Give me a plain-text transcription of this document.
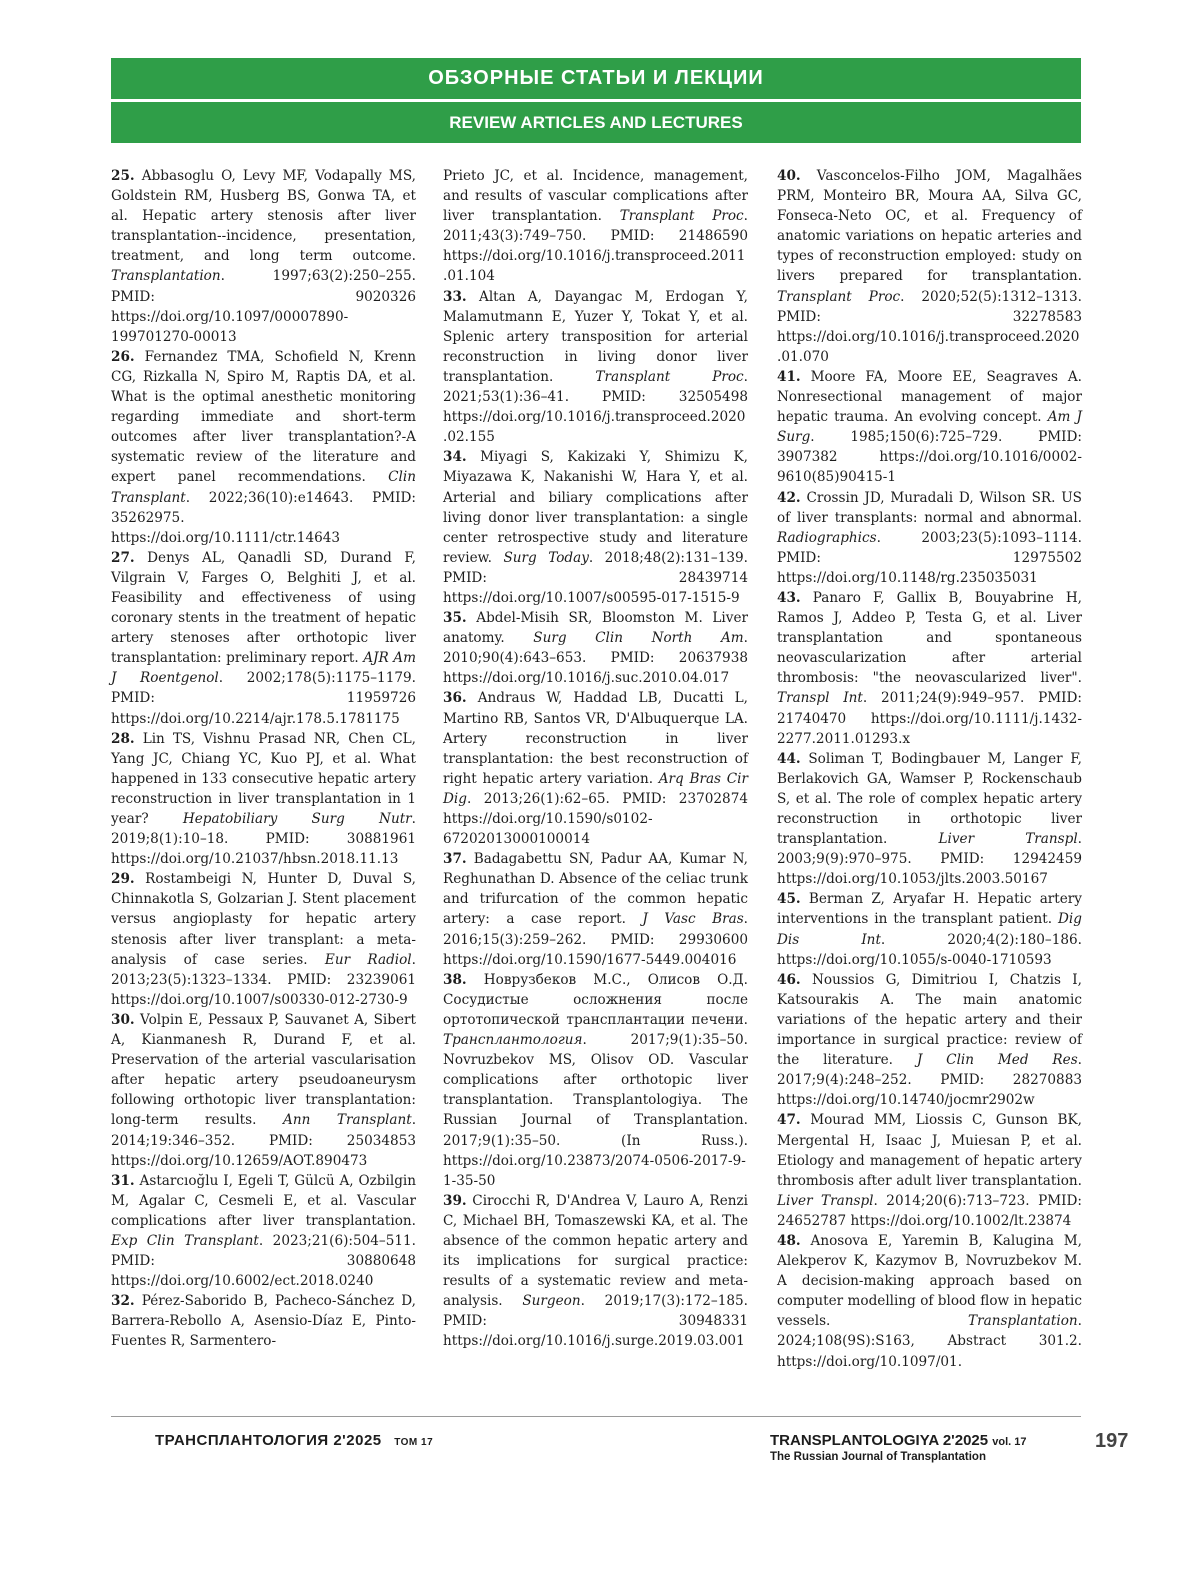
ОБЗОРНЫЕ СТАТЬИ И ЛЕКЦИИ
REVIEW ARTICLES AND LECTURES

25. Abbasoglu O, Levy MF, Vodapally MS, Goldstein RM, Husberg BS, Gonwa TA, et al. Hepatic artery stenosis after liver transplantation--incidence, presentation, treatment, and long term outcome. Transplantation. 1997;63(2):250–255. PMID: 9020326 https://doi.org/10.1097/00007890-199701270-00013

26. Fernandez TMA, Schofield N, Krenn CG, Rizkalla N, Spiro M, Raptis DA, et al. What is the optimal anesthetic monitoring regarding immediate and short-term outcomes after liver transplantation?-A systematic review of the literature and expert panel recommendations. Clin Transplant. 2022;36(10):e14643. PMID: 35262975. https://doi.org/10.1111/ctr.14643

27. Denys AL, Qanadli SD, Durand F, Vilgrain V, Farges O, Belghiti J, et al. Feasibility and effectiveness of using coronary stents in the treatment of hepatic artery stenoses after orthotopic liver transplantation: preliminary report. AJR Am J Roentgenol. 2002;178(5):1175–1179. PMID: 11959726 https://doi.org/10.2214/ajr.178.5.1781175

28. Lin TS, Vishnu Prasad NR, Chen CL, Yang JC, Chiang YC, Kuo PJ, et al. What happened in 133 consecutive hepatic artery reconstruction in liver transplantation in 1 year?	Hepatobiliary Surg Nutr. 2019;8(1):10–18. PMID: 30881961 https://doi.org/10.21037/hbsn.2018.11.13

29. Rostambeigi N, Hunter D, Duval S, Chinnakotla S, Golzarian J. Stent placement versus angioplasty for hepatic artery stenosis after liver transplant: a meta-analysis of case series. Eur Radiol. 2013;23(5):1323–1334. PMID: 23239061 https://doi.org/10.1007/s00330-012-2730-9

30. Volpin E, Pessaux P, Sauvanet A, Sibert A, Kianmanesh R, Durand F, et al. Preservation of the arterial vascularisation after hepatic artery pseudoaneurysm following orthotopic liver transplantation: long-term results. Ann Transplant. 2014;19:346–352. PMID: 25034853 https://doi.org/10.12659/AOT.890473

31. Astarcıoğlu I, Egeli T, Gülcü A, Ozbilgin M, Agalar C, Cesmeli E, et al. Vascular complications after liver transplantation. Exp Clin Transplant. 2023;21(6):504–511. PMID: 30880648 https://doi.org/10.6002/ect.2018.0240

32. Pérez-Saborido B, Pacheco-Sánchez D, Barrera-Rebollo A, Asensio-Díaz E, Pinto-Fuentes R, Sarmentero-

Prieto JC, et al. Incidence, management, and results of vascular complications after liver transplantation. Transplant Proc. 2011;43(3):749–750. PMID: 21486590 https://doi.org/10.1016/j.transproceed.2011.01.104

33. Altan A, Dayangac M, Erdogan Y, Malamutmann E, Yuzer Y, Tokat Y, et al. Splenic artery transposition for arterial reconstruction in living donor liver transplantation.	Transplant Proc. 2021;53(1):36–41. PMID: 32505498 https://doi.org/10.1016/j.transproceed.2020.02.155

34. Miyagi S, Kakizaki Y, Shimizu K, Miyazawa K, Nakanishi W, Hara Y, et al. Arterial and biliary complications after living donor liver transplantation: a single center retrospective study and literature review. Surg Today. 2018;48(2):131–139. PMID: 28439714 https://doi.org/10.1007/s00595-017-1515-9

35. Abdel-Misih SR, Bloomston M. Liver anatomy. Surg Clin North Am. 2010;90(4):643–653. PMID: 20637938 https://doi.org/10.1016/j.suc.2010.04.017

36. Andraus W, Haddad LB, Ducatti L, Martino RB, Santos VR, D'Albuquerque LA. Artery reconstruction in liver transplantation: the best reconstruction of right hepatic artery variation. Arq Bras Cir Dig. 2013;26(1):62–65. PMID: 23702874 https://doi.org/10.1590/s0102-67202013000100014

37. Badagabettu SN, Padur AA, Kumar N, Reghunathan D. Absence of the celiac trunk and trifurcation of the common hepatic artery: a case report. J Vasc Bras. 2016;15(3):259–262. PMID: 29930600 https://doi.org/10.1590/1677-5449.004016

38. Новрузбеков М.С., Олисов О.Д. Сосудистые осложнения после ортотопической трансплантации печени. Трансплантология. 2017;9(1):35–50. Novruzbekov MS, Olisov OD. Vascular complications after orthotopic liver transplantation. Transplantologiya. The Russian Journal of Transplantation. 2017;9(1):35–50. (In Russ.). https://doi.org/10.23873/2074-0506-2017-9-1-35-50

39. Cirocchi R, D'Andrea V, Lauro A, Renzi C, Michael BH, Tomaszewski KA, et al. The absence of the common hepatic artery and its implications for surgical practice: results of a systematic review and meta-analysis. Surgeon. 2019;17(3):172–185. PMID: 30948331 https://doi.org/10.1016/j.surge.2019.03.001

40. Vasconcelos-Filho JOM, Magalhães PRM, Monteiro BR, Moura AA, Silva GC, Fonseca-Neto OC, et al. Frequency of anatomic variations on hepatic arteries and types of reconstruction employed: study on livers prepared for transplantation. Transplant Proc. 2020;52(5):1312–1313. PMID: 32278583 https://doi.org/10.1016/j.transproceed.2020.01.070

41. Moore FA, Moore EE, Seagraves A. Nonresectional management of major hepatic trauma. An evolving concept. Am J Surg. 1985;150(6):725–729. PMID: 3907382 https://doi.org/10.1016/0002-9610(85)90415-1

42. Crossin JD, Muradali D, Wilson SR. US of liver transplants: normal and abnormal. Radiographics. 2003;23(5):1093–1114. PMID: 12975502 https://doi.org/10.1148/rg.235035031

43. Panaro F, Gallix B, Bouyabrine H, Ramos J, Addeo P, Testa G, et al. Liver transplantation and spontaneous neovascularization after arterial thrombosis: "the neovascularized liver". Transpl Int. 2011;24(9):949–957. PMID: 21740470 https://doi.org/10.1111/j.1432-2277.2011.01293.x

44. Soliman T, Bodingbauer M, Langer F, Berlakovich GA, Wamser P, Rockenschaub S, et al. The role of complex hepatic artery reconstruction in orthotopic liver transplantation.	Liver Transpl. 2003;9(9):970–975. PMID: 12942459 https://doi.org/10.1053/jlts.2003.50167

45. Berman Z, Aryafar H. Hepatic artery interventions in the transplant patient. Dig Dis Int. 2020;4(2):180–186. https://doi.org/10.1055/s-0040-1710593

46. Noussios G, Dimitriou I, Chatzis I, Katsourakis A. The main anatomic variations of the hepatic artery and their importance in surgical practice: review of the literature. J Clin Med Res. 2017;9(4):248–252. PMID: 28270883 https://doi.org/10.14740/jocmr2902w

47. Mourad MM, Liossis C, Gunson BK, Mergental H, Isaac J, Muiesan P, et al. Etiology and management of hepatic artery thrombosis after adult liver transplantation. Liver Transpl. 2014;20(6):713–723. PMID: 24652787 https://doi.org/10.1002/lt.23874

48. Anosova E, Yaremin B, Kalugina M, Alekperov K, Kazymov B, Novruzbekov M. A decision-making approach based on computer modelling of blood flow in hepatic vessels.	Transplantation. 2024;108(9S):S163, Abstract 301.2. https://doi.org/10.1097/01.

ТРАНСПЛАНТОЛОГИЯ 2'2025 ТОМ 17	TRANSPLANTOLOGIYA 2'2025 vol. 17
The Russian Journal of Transplantation
197
